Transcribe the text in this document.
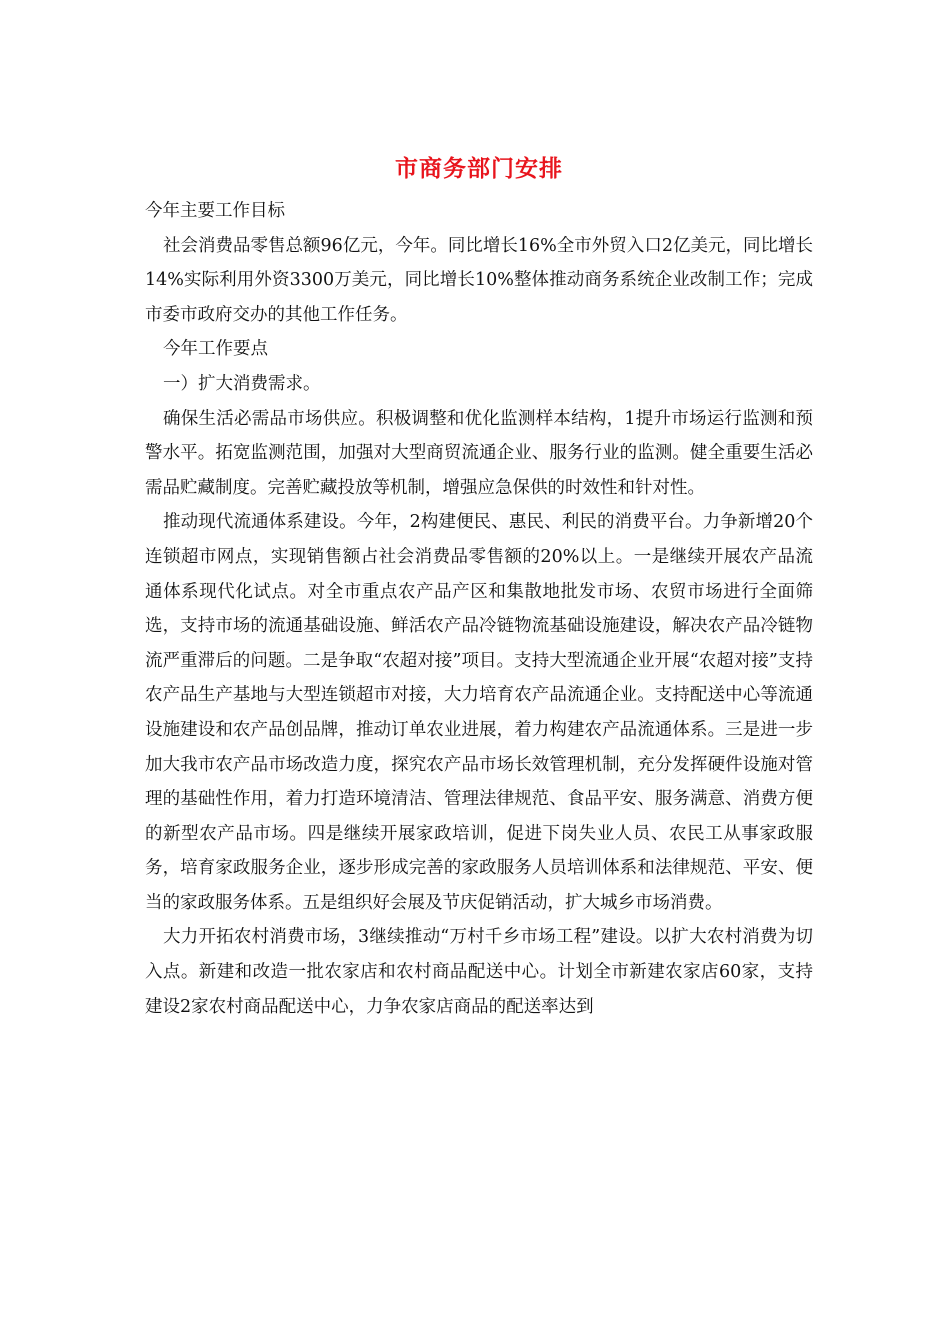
市商务部门安排

今年主要工作目标

社会消费品零售总额96亿元，今年。同比增长16%全市外贸入口2亿美元，同比增长14%实际利用外资3300万美元，同比增长10%整体推动商务系统企业改制工作；完成市委市政府交办的其他工作任务。

今年工作要点

一）扩大消费需求。

确保生活必需品市场供应。积极调整和优化监测样本结构，1提升市场运行监测和预警水平。拓宽监测范围，加强对大型商贸流通企业、服务行业的监测。健全重要生活必需品贮藏制度。完善贮藏投放等机制，增强应急保供的时效性和针对性。

推动现代流通体系建设。今年，2构建便民、惠民、利民的消费平台。力争新增20个连锁超市网点，实现销售额占社会消费品零售额的20%以上。一是继续开展农产品流通体系现代化试点。对全市重点农产品产区和集散地批发市场、农贸市场进行全面筛选，支持市场的流通基础设施、鲜活农产品冷链物流基础设施建设，解决农产品冷链物流严重滞后的问题。二是争取“农超对接”项目。支持大型流通企业开展“农超对接”支持农产品生产基地与大型连锁超市对接，大力培育农产品流通企业。支持配送中心等流通设施建设和农产品创品牌，推动订单农业进展，着力构建农产品流通体系。三是进一步加大我市农产品市场改造力度，探究农产品市场长效管理机制，充分发挥硬件设施对管理的基础性作用，着力打造环境清洁、管理法律规范、食品平安、服务满意、消费方便的新型农产品市场。四是继续开展家政培训，促进下岗失业人员、农民工从事家政服务，培育家政服务企业，逐步形成完善的家政服务人员培训体系和法律规范、平安、便当的家政服务体系。五是组织好会展及节庆促销活动，扩大城乡市场消费。

大力开拓农村消费市场，3继续推动“万村千乡市场工程”建设。以扩大农村消费为切入点。新建和改造一批农家店和农村商品配送中心。计划全市新建农家店60家，支持建设2家农村商品配送中心，力争农家店商品的配送率达到
